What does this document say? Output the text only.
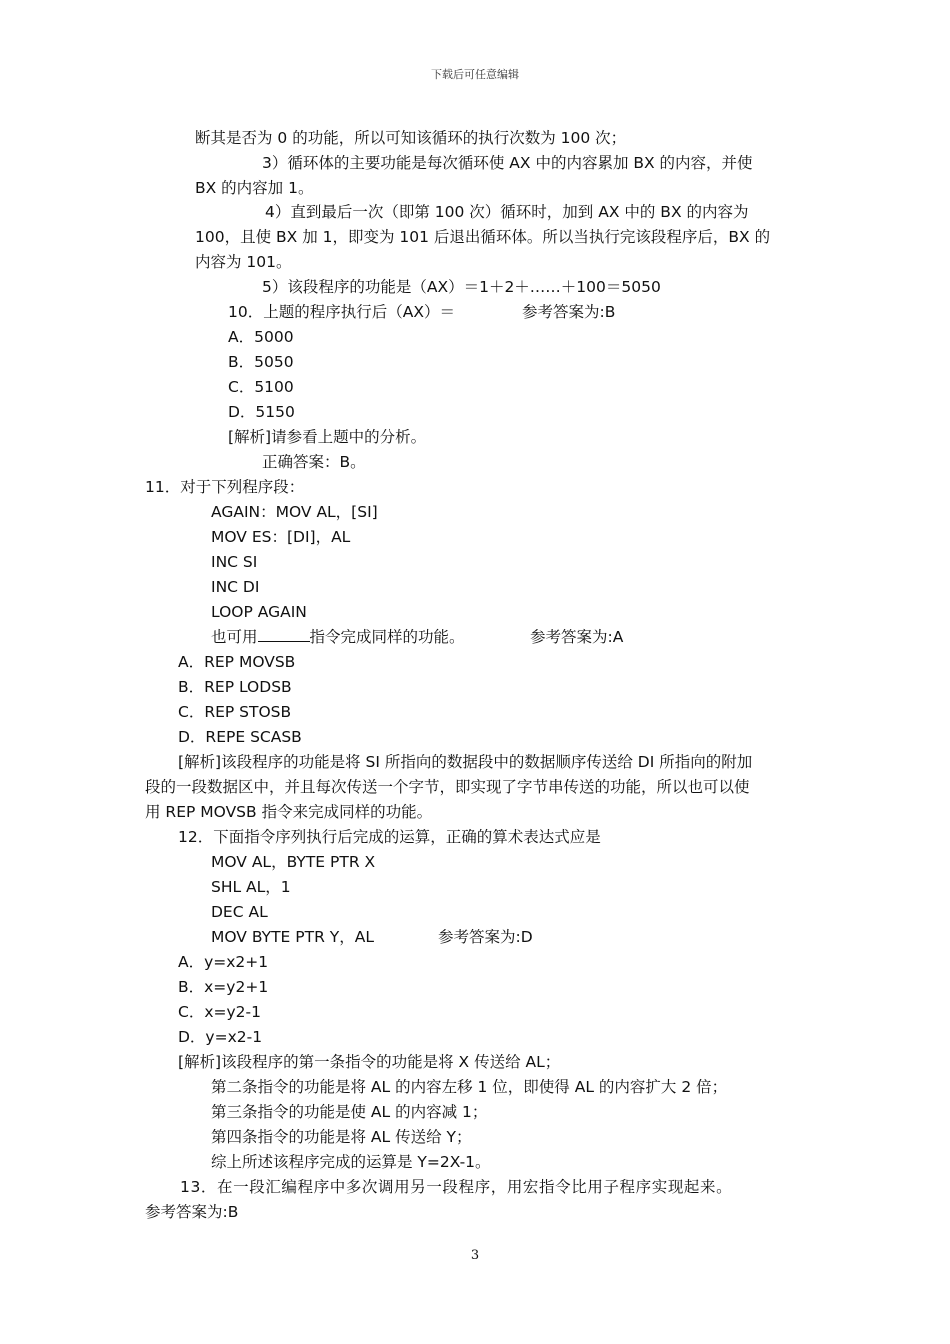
下载后可任意编辑
断其是否为 0 的功能，所以可知该循环的执行次数为 100 次；
3）循环体的主要功能是每次循环使 AX 中的内容累加 BX 的内容，并使
BX 的内容加 1。
4）直到最后一次（即第 100 次）循环时，加到 AX 中的 BX 的内容为
100，且使 BX 加 1，即变为 101 后退出循环体。所以当执行完该段程序后，BX 的
内容为 101。
5）该段程序的功能是（AX）＝1＋2＋……＋100＝5050
10．上题的程序执行后（AX）＝	参考答案为:B
A．5000
B．5050
C．5100
D．5150
[解析]请参看上题中的分析。
正确答案：B。
11．对于下列程序段：
AGAIN：MOV AL，[SI]
MOV ES：[DI]，AL
INC SI
INC DI
LOOP AGAIN
也可用	指令完成同样的功能。	参考答案为:A
A．REP MOVSB
B．REP LODSB
C．REP STOSB
D．REPE SCASB
[解析]该段程序的功能是将 SI 所指向的数据段中的数据顺序传送给 DI 所指向的附加
段的一段数据区中，并且每次传送一个字节，即实现了字节串传送的功能，所以也可以使
用 REP MOVSB 指令来完成同样的功能。
12．下面指令序列执行后完成的运算，正确的算术表达式应是
MOV AL，BYTE PTR X
SHL AL，1
DEC AL
MOV BYTE PTR Y，AL	参考答案为:D
A．y=x2+1
B．x=y2+1
C．x=y2-1
D．y=x2-1
[解析]该段程序的第一条指令的功能是将 X 传送给 AL；
第二条指令的功能是将 AL 的内容左移 1 位，即使得 AL 的内容扩大 2 倍；
第三条指令的功能是使 AL 的内容减 1；
第四条指令的功能是将 AL 传送给 Y；
综上所述该程序完成的运算是 Y=2X-1。
13．在一段汇编程序中多次调用另一段程序，用宏指令比用子程序实现起来。
参考答案为:B
3
